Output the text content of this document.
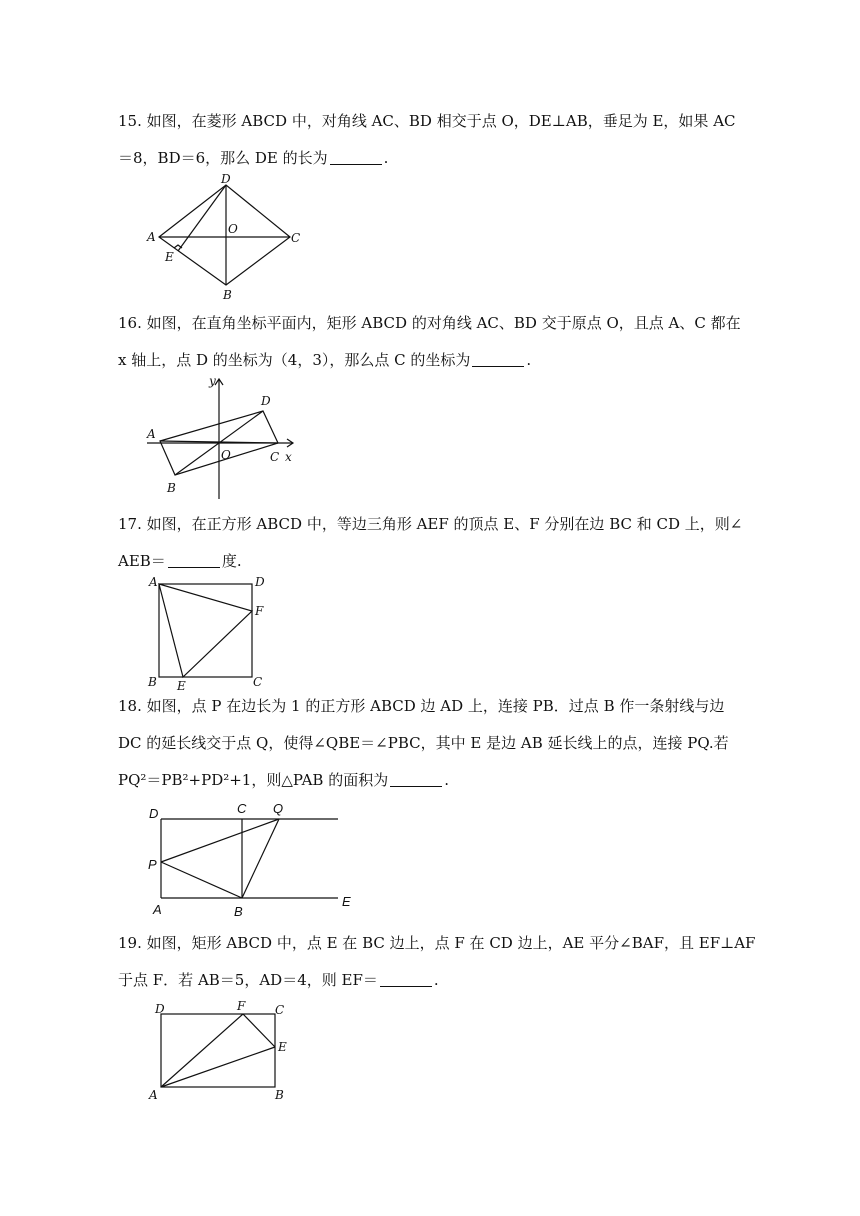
15. 如图，在菱形 ABCD 中，对角线 AC、BD 相交于点 O，DE⊥AB，垂足为 E，如果 AC
＝8，BD＝6，那么 DE 的长为	.
A
D
C
B
O
E
16. 如图，在直角坐标平面内，矩形 ABCD 的对角线 AC、BD 交于原点 O，且点 A、C 都在
x 轴上，点 D 的坐标为（4，3），那么点 C 的坐标为	.
A
D
C
B
O	x
y
17. 如图，在正方形 ABCD 中，等边三角形 AEF 的顶点 E、F 分别在边 BC 和 CD 上，则∠
AEB＝	度.
A	D
F
B E	C
18. 如图，点 P 在边长为 1 的正方形 ABCD 边 AD 上，连接 PB．过点 B 作一条射线与边
DC 的延长线交于点 Q，使得∠QBE＝∠PBC，其中 E 是边 AB 延长线上的点，连接 PQ.若
PQ²＝PB²+PD²+1，则△PAB 的面积为	.
D	C Q
P
A	B
E
19. 如图，矩形 ABCD 中，点 E 在 BC 边上，点 F 在 CD 边上，AE 平分∠BAF，且 EF⊥AF
于点 F．若 AB＝5，AD＝4，则 EF＝	.
D	F C
E
A	B
